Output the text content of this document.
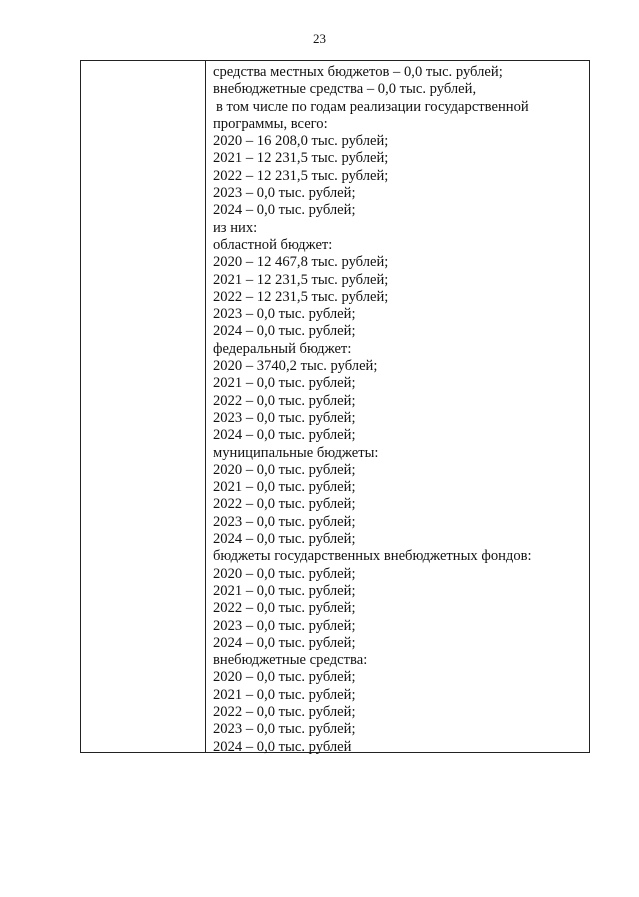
23
средства местных бюджетов – 0,0 тыс. рублей;
внебюджетные средства – 0,0 тыс. рублей,
в том числе по годам реализации государственной
программы, всего:
2020 – 16 208,0 тыс. рублей;
2021 – 12 231,5 тыс. рублей;
2022 – 12 231,5 тыс. рублей;
2023 – 0,0 тыс. рублей;
2024 – 0,0 тыс. рублей;
из них:
областной бюджет:
2020 – 12 467,8 тыс. рублей;
2021 – 12 231,5 тыс. рублей;
2022 – 12 231,5 тыс. рублей;
2023 – 0,0 тыс. рублей;
2024 – 0,0 тыс. рублей;
федеральный бюджет:
2020 – 3740,2 тыс. рублей;
2021 – 0,0 тыс. рублей;
2022 – 0,0 тыс. рублей;
2023 – 0,0 тыс. рублей;
2024 – 0,0 тыс. рублей;
муниципальные бюджеты:
2020 – 0,0 тыс. рублей;
2021 – 0,0 тыс. рублей;
2022 – 0,0 тыс. рублей;
2023 – 0,0 тыс. рублей;
2024 – 0,0 тыс. рублей;
бюджеты государственных внебюджетных фондов:
2020 – 0,0 тыс. рублей;
2021 – 0,0 тыс. рублей;
2022 – 0,0 тыс. рублей;
2023 – 0,0 тыс. рублей;
2024 – 0,0 тыс. рублей;
внебюджетные средства:
2020 – 0,0 тыс. рублей;
2021 – 0,0 тыс. рублей;
2022 – 0,0 тыс. рублей;
2023 – 0,0 тыс. рублей;
2024 – 0,0 тыс. рублей
